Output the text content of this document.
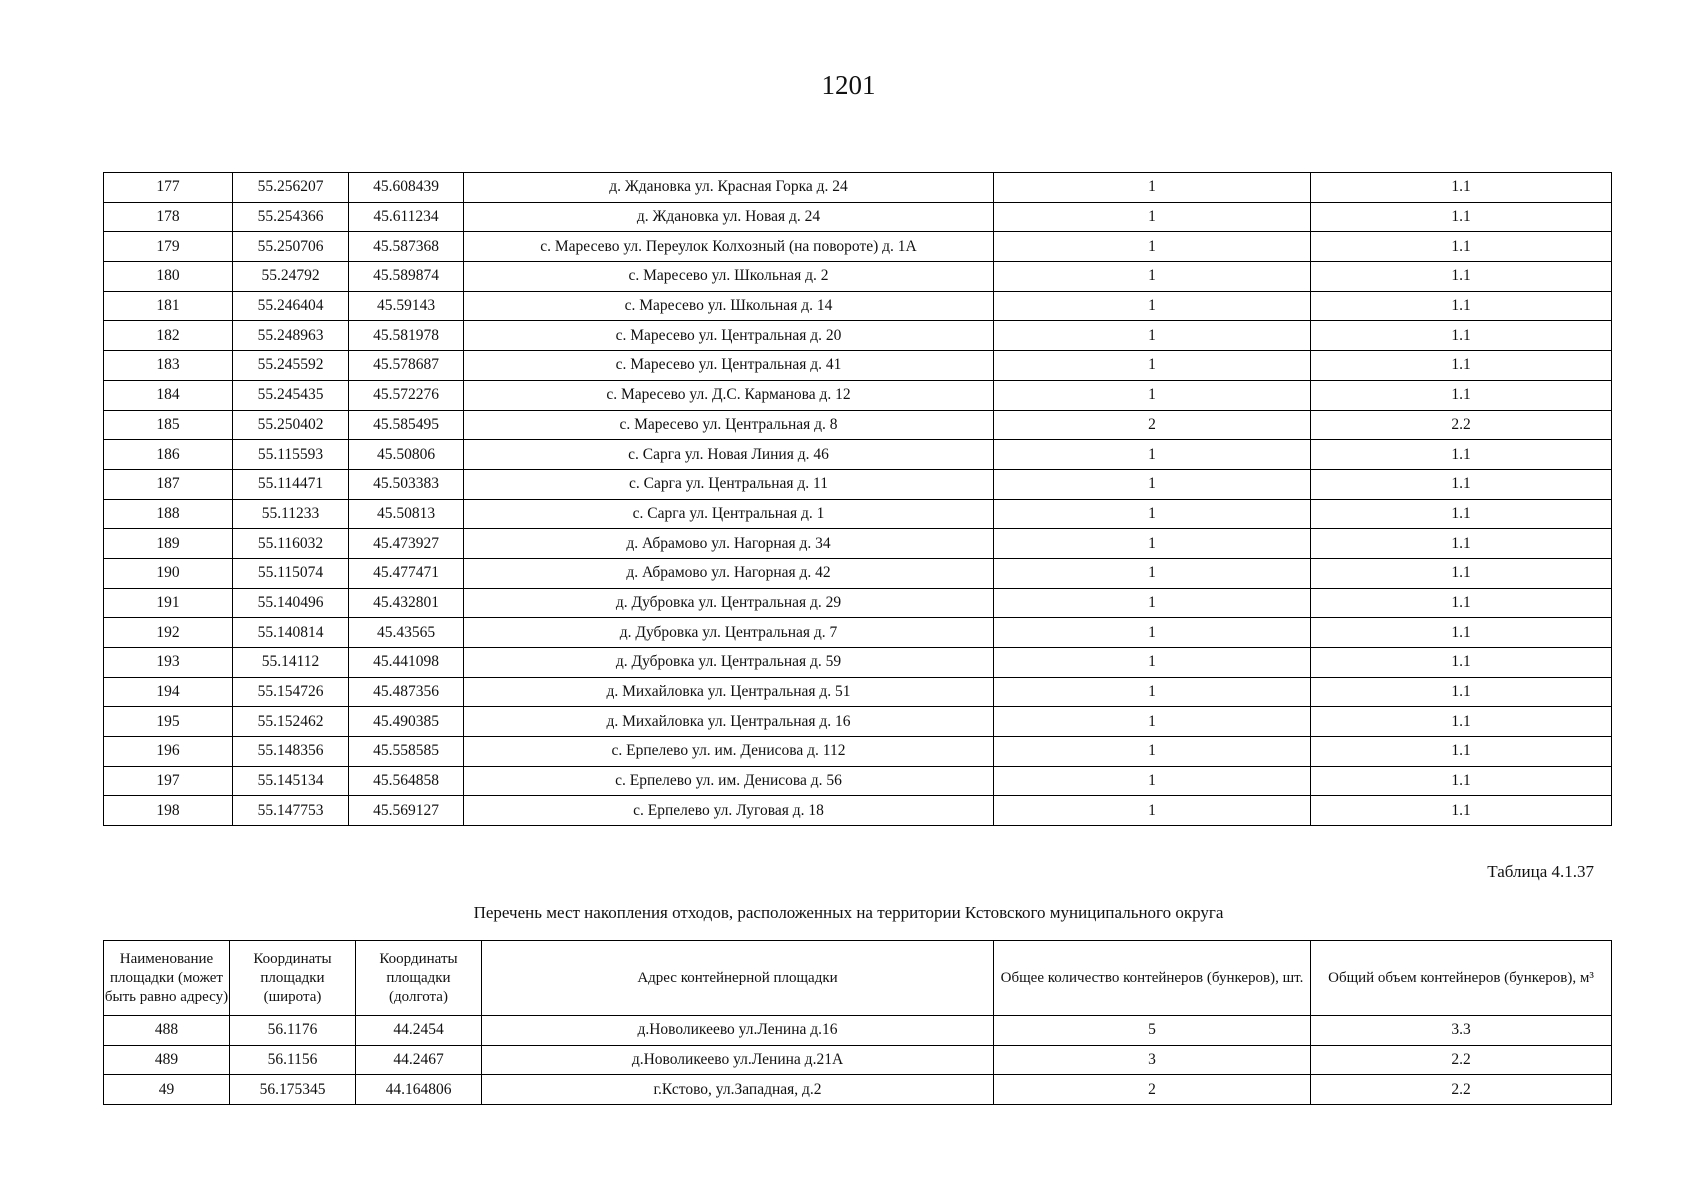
1201
177	55.256207	45.608439	д. Ждановка ул. Красная Горка д. 24	1	1.1
178	55.254366	45.611234	д. Ждановка ул. Новая д. 24	1	1.1
179	55.250706	45.587368	с. Маресево ул. Переулок Колхозный (на повороте) д. 1А	1	1.1
180	55.24792	45.589874	с. Маресево ул. Школьная д. 2	1	1.1
181	55.246404	45.59143	с. Маресево ул. Школьная д. 14	1	1.1
182	55.248963	45.581978	с. Маресево ул. Центральная д. 20	1	1.1
183	55.245592	45.578687	с. Маресево ул. Центральная д. 41	1	1.1
184	55.245435	45.572276	с. Маресево ул. Д.С. Карманова д. 12	1	1.1
185	55.250402	45.585495	с. Маресево ул. Центральная д. 8	2	2.2
186	55.115593	45.50806	с. Сарга ул. Новая Линия д. 46	1	1.1
187	55.114471	45.503383	с. Сарга ул. Центральная д. 11	1	1.1
188	55.11233	45.50813	с. Сарга ул. Центральная д. 1	1	1.1
189	55.116032	45.473927	д. Абрамово ул. Нагорная д. 34	1	1.1
190	55.115074	45.477471	д. Абрамово ул. Нагорная д. 42	1	1.1
191	55.140496	45.432801	д. Дубровка ул. Центральная д. 29	1	1.1
192	55.140814	45.43565	д. Дубровка ул. Центральная д. 7	1	1.1
193	55.14112	45.441098	д. Дубровка ул. Центральная д. 59	1	1.1
194	55.154726	45.487356	д. Михайловка ул. Центральная д. 51	1	1.1
195	55.152462	45.490385	д. Михайловка ул. Центральная д. 16	1	1.1
196	55.148356	45.558585	с. Ерпелево ул. им. Денисова д. 112	1	1.1
197	55.145134	45.564858	с. Ерпелево ул. им. Денисова д. 56	1	1.1
198	55.147753	45.569127	с. Ерпелево ул. Луговая д. 18	1	1.1
Таблица 4.1.37
Перечень мест накопления отходов, расположенных на территории Кстовского муниципального округа
Наименование площадки (может быть равно адресу)	Координаты площадки (широта)	Координаты площадки (долгота)	Адрес контейнерной площадки	Общее количество контейнеров (бункеров), шт.	Общий объем контейнеров (бункеров), м³
488	56.1176	44.2454	д.Новоликеево ул.Ленина д.16	5	3.3
489	56.1156	44.2467	д.Новоликеево ул.Ленина д.21А	3	2.2
49	56.175345	44.164806	г.Кстово, ул.Западная, д.2	2	2.2
